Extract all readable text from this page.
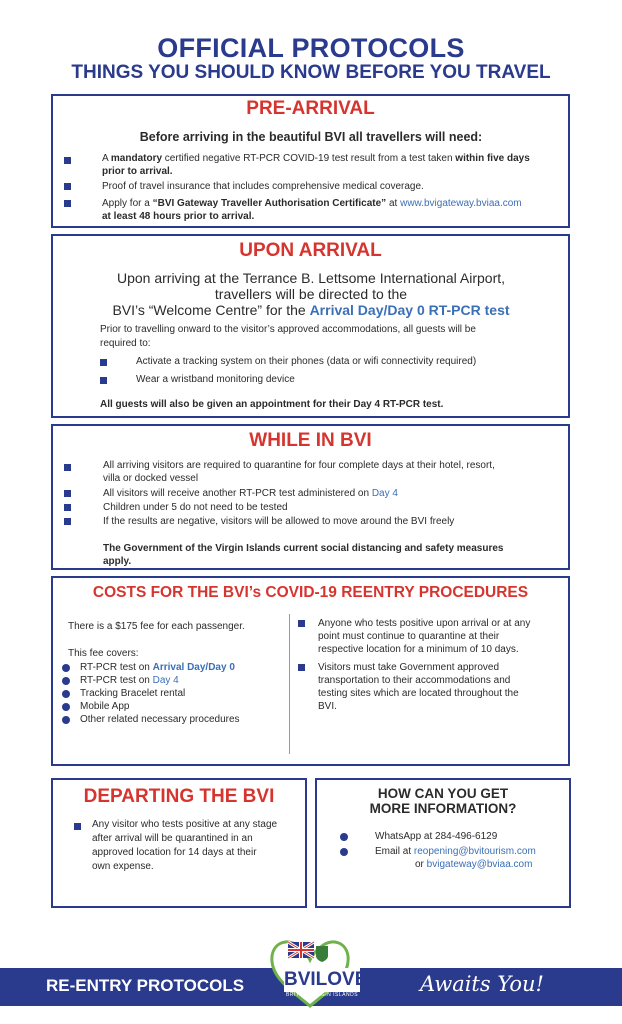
OFFICIAL PROTOCOLS
THINGS YOU SHOULD KNOW BEFORE YOU TRAVEL
PRE-ARRIVAL
Before arriving in the beautiful BVI all travellers will need:
A mandatory certified negative RT-PCR COVID-19 test result from a test taken within five days
prior to arrival.
Proof of travel insurance that includes comprehensive medical coverage.
Apply for a “BVI Gateway Traveller Authorisation Certificate” at www.bvigateway.bviaa.com
at least 48 hours prior to arrival.
UPON ARRIVAL
Upon arriving at the Terrance B. Lettsome International Airport,
travellers will be directed to the
BVI’s “Welcome Centre” for the Arrival Day/Day 0 RT-PCR test
Prior to travelling onward to the visitor’s approved accommodations, all guests will be
required to:
Activate a tracking system on their phones (data or wifi connectivity required)
Wear a wristband monitoring device
All guests will also be given an appointment for their Day 4 RT-PCR test.
WHILE IN BVI
All arriving visitors are required to quarantine for four complete days at their hotel, resort,
villa or docked vessel
All visitors will receive another RT-PCR test administered on Day 4
Children under 5 do not need to be tested
If the results are negative, visitors will be allowed to move around the BVI freely
The Government of the Virgin Islands current social distancing and safety measures
apply.
COSTS FOR THE BVI’s COVID-19 REENTRY PROCEDURES
There is a $175 fee for each passenger.
This fee covers:
RT-PCR test on Arrival Day/Day 0
RT-PCR test on Day 4
Tracking Bracelet rental
Mobile App
Other related necessary procedures
Anyone who tests positive upon arrival or at any
point must continue to quarantine at their
respective location for a minimum of 10 days.
Visitors must take Government approved
transportation to their accommodations and
testing sites which are located throughout the
BVI.
DEPARTING THE BVI
Any visitor who tests positive at any stage
after arrival will be quarantined in an
approved location for 14 days at their
own expense.
HOW CAN YOU GET
MORE INFORMATION?
WhatsApp at 284-496-6129
Email at reopening@bvitourism.com
or bvigateway@bviaa.com
RE-ENTRY PROTOCOLS BVILOVE
BRITISH VIRGIN ISLANDS	Awaits You!
